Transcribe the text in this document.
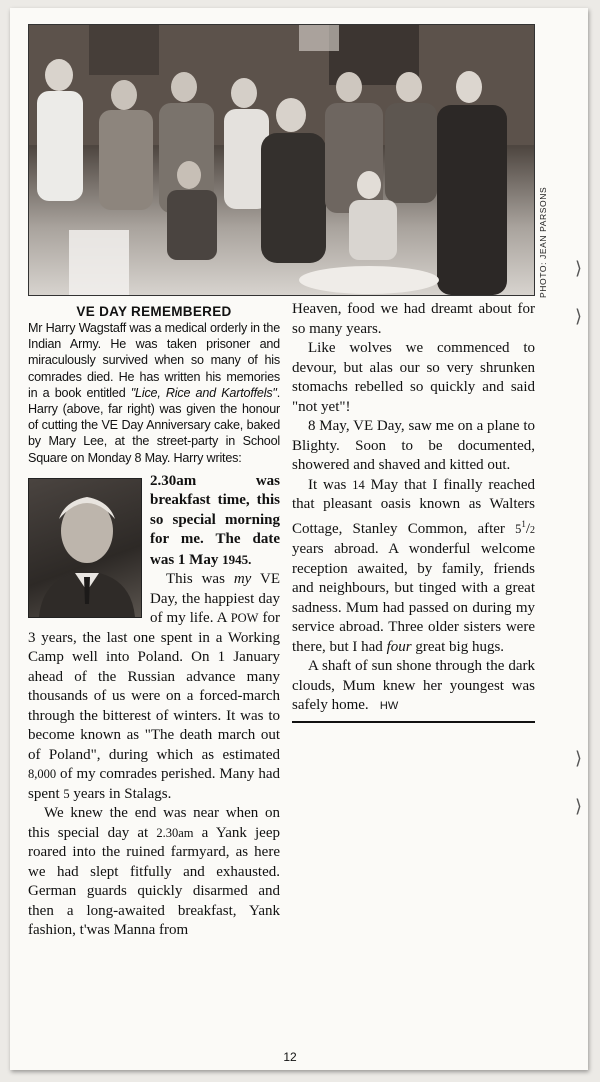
PHOTO: JEAN PARSONS
VE DAY REMEMBERED

Mr Harry Wagstaff was a medical orderly in the Indian Army. He was taken prisoner and miraculously survived when so many of his comrades died. He has written his memories in a book entitled "Lice, Rice and Kartoffels". Harry (above, far right) was given the honour of cutting the VE Day Anniversary cake, baked by Mary Lee, at the street-party in School Square on Monday 8 May. Harry writes:

2.30am was breakfast time, this so special morning for me. The date was 1 May 1945.

This was my VE Day, the happiest day of my life. A POW for 3 years, the last one spent in a Working Camp well into Poland. On 1 January ahead of the Russian advance many thousands of us were on a forced-march through the bitterest of winters. It was to become known as "The death march out of Poland", during which as estimated 8,000 of my comrades perished. Many had spent 5 years in Stalags.

We knew the end was near when on this special day at 2.30am a Yank jeep roared into the ruined farmyard, as here we had slept fitfully and exhausted. German guards quickly disarmed and then a long-awaited breakfast, Yank fashion, t'was Manna from

Heaven, food we had dreamt about for so many years.

Like wolves we commenced to devour, but alas our so very shrunken stomachs rebelled so quickly and said "not yet"!

8 May, VE Day, saw me on a plane to Blighty. Soon to be documented, showered and shaved and kitted out.

It was 14 May that I finally reached that pleasant oasis known as Walters Cottage, Stanley Common, after $5^1/2$ years abroad. A wonderful welcome reception awaited, by family, friends and neighbours, but tinged with a great sadness. Mum had passed on during my service abroad. Three older sisters were there, but I had four great big hugs.

A shaft of sun shone through the dark clouds, Mum knew her youngest was safely home. HW

12
⟩
⟩
⟩
⟩
